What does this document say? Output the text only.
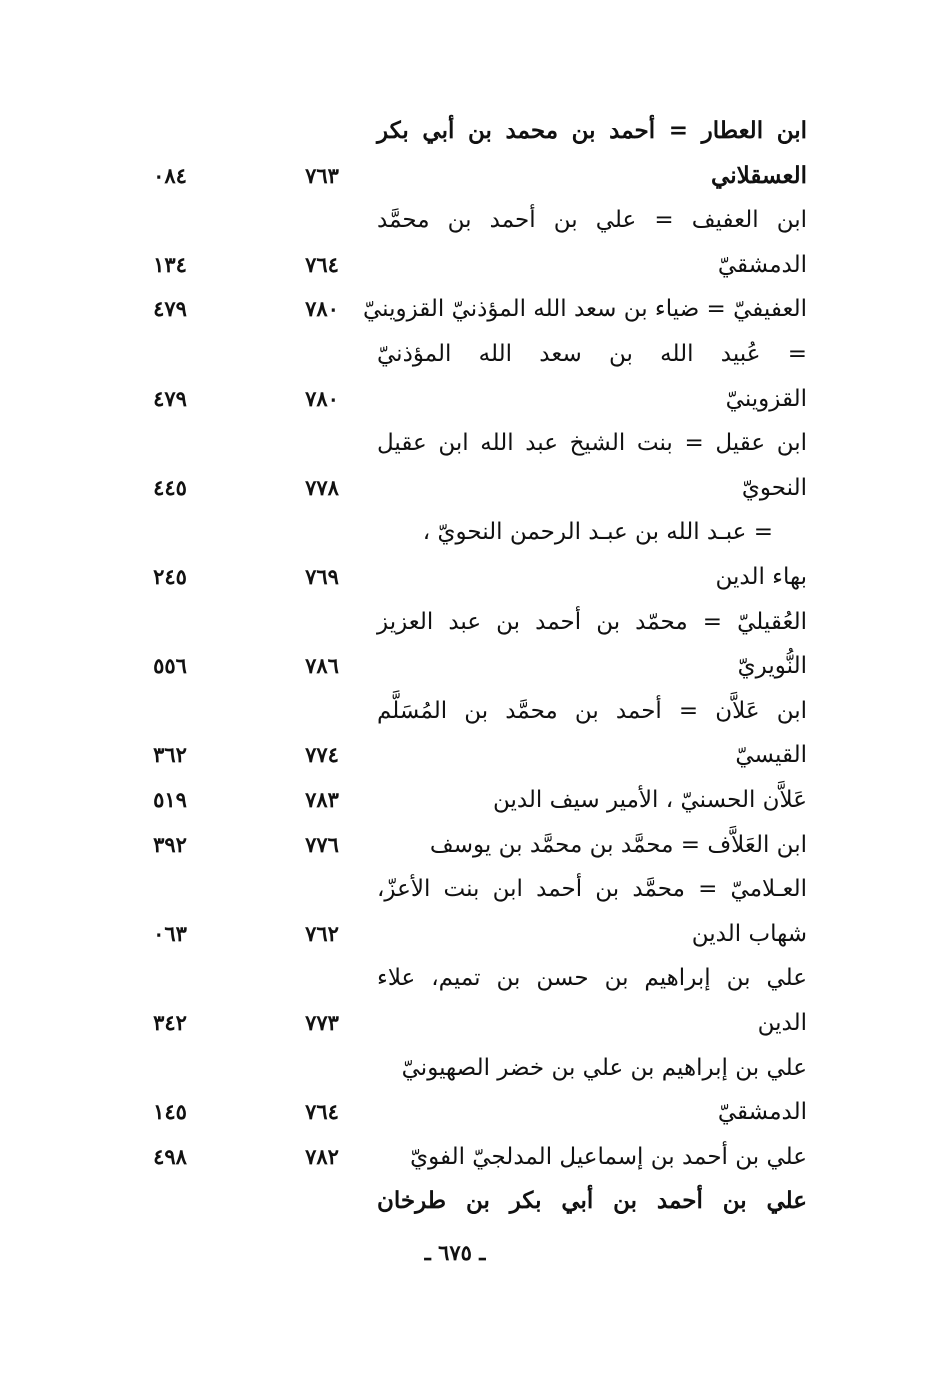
ابن العطار = أحمد بن محمد بن أبي بكر
العسقلاني
٧٦٣
٠٨٤
ابن العفيف = علي بن أحمد بن محمَّد
الدمشقيّ
٧٦٤
١٣٤
العفيفيّ = ضياء بن سعد الله المؤذنيّ القزوينيّ
٧٨٠
٤٧٩
= عُبيد الله بن سعد الله المؤذنيّ
القزوينيّ
٧٨٠
٤٧٩
ابن عقيل = بنت الشيخ عبد الله ابن عقيل
النحويّ
٧٧٨
٤٤٥
= عبـد الله بن عبـد الرحمن النحويّ ،
بهاء الدين
٧٦٩
٢٤٥
العُقيليّ = محمّد بن أحمد بن عبد العزيز
النُّويريّ
٧٨٦
٥٥٦
ابن عَلاَّن = أحمد بن محمَّد بن المُسَلَّم
القيسيّ
٧٧٤
٣٦٢
عَلاَّن الحسنيّ ، الأمير سيف الدين
٧٨٣
٥١٩
ابن العَلاَّف = محمَّد بن محمَّد بن يوسف
٧٧٦
٣٩٢
العـلاميّ = محمَّد بن أحمد ابن بنت الأعزّ،
شهاب الدين
٧٦٢
٠٦٣
علي بن إبراهيم بن حسن بن تميم، علاء
الدين
٧٧٣
٣٤٢
علي بن إبراهيم بن علي بن خضر الصهيونيّ
الدمشقيّ
٧٦٤
١٤٥
علي بن أحمد بن إسماعيل المدلجيّ الفويّ
٧٨٢
٤٩٨
علي بن أحمد بن أبي بكر بن طرخان
ـ ٦٧٥ ـ
